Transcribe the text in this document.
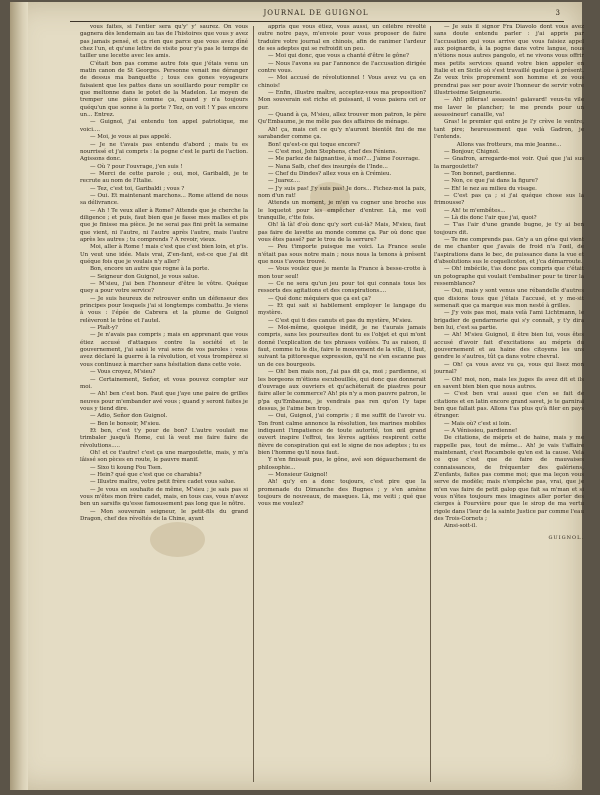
JOURNAL DE GUIGNOL	3

vous faites, si l'entier sera qu'y' y' saurez. On vous gagnera dès lendemain au tas de l'histoires que vous y avez pas jamais pensé, et ça rien que parce que vous avez dîné chez l'un, et qu'une lettre de visite pour y'a pas le temps de tailler une lecette avec les amis.

C'était bon pas comme autre fois que j'étais venu un matin canon de St Georges. Personne venait me déranger de dessus ma banquette ; tous ces gones voyageurs faisaient que les pattes dans un souillardo pour remplir ce que meltonne dans le potet de la Madelon. Le moyen de tremper une pièce comme ça, quand y n'a toujours quéqu'un que sonne à la porte ? Tez, on voit ! Y pas encore un... Entrez.

— Guignol, j'ai entendu ton appel patriotique, me voici....

— Moi, je vous ai pas appelé.

— Je ne t'avais pas entendu d'abord ; mais tu es nourrissé et j'ai compris : la pogne c'est le parti de l'action. Agissons donc.

— Où ? pour l'ouvrage, j'en suis !

— Merci de cette parole ; oui, moi, Garibaldi, je te recrute au nom de l'Italie.

— Tez, c'est toi, Garibaldi ; vous ?

— Oui. Et maintenant marchons... Rome attend de nous sa délivrance.

— Ah ! Te veux aller à Rome? Attends que je cherche la diligence ; et puis, faut bien que je fasse mes malles et pis que je finisse ma pièce. Je ne serai pas fini prêt la semaine que vient, ni l'autre, ni l'autre après l'autre, mais l'autre après les autres ; tu comprends ? A revoir, vieux.

Moi, aller à Rome ! mais c'est que c'est bien loin, et p'is. Un veut une idée. Mais vrai, Z'en-fant, est-ce que j'ai dit quéque fois que je voulais n'y aller?

Bon, encore un autre que rogne à la porte.

— Seigneur don Guignol, je vous salue.

— M'sieu, j'ai ben l'honneur d'être le vôtre. Quéque quey a pour votre service?

— Je suis heureux de retrouver enfin un défenseur des principes pour lesquels j'ai si longtemps combattu. Je viens à vous : l'épée de Cabrera et la plume de Guignol relèveront le trône et l'autel.

— Plaît-y?

— Je n'avais pas compris ; mais en apprenant que vous étiez accusé d'attaques contre la société et le gouvernement, j'ai saisi le vrai sens de vos paroles : vous avez déclaré la guerre à la révolution, et vous trompèrez si vous continuez à marcher sans hésitation dans cette voie.

— Vous croyez, M'sieu?

— Certainement, Señor, et vous pouvez compter sur moi.

— Ah! ben c'est bon. Faut que j'aye une paire de grilles neuves pour m'embander avé vous ; quand y seront faites je vous y tiend dire.

— Adio, Señor don Guignol.

— Ben le bonsoir, M'sieu.

Et ben, c'est t'y pour de bon? L'autre voulait me trimbaler jusqu'à Rome, cui là veut me faire faire de révolutions.....

Oh! et ce t'autre! c'est ça une margoulette, mais, y m'a lâissé son pèces en route, le pauvre manif.

— Sixo ti koung Fou Tsen.

— Hein? qué que c'est que ce charabia?

— Illustre maître, votre petit frère cadet vous salue.

— Je vous en souhaite de même, M'sieu ; je sais pas si vous m'êtes mon frère cadet, mais, en tous cas, vous n'avez ben un sarsifis qu'esse famousement pas long que le nôtre.

— Mon souverain seigneur, le petit-fils du grand Dragon, chef des révoltés de la Chine, ayant

appris que vous étiez, vous aussi, un célèbre révolté outre notre pays, m'envoie pour vous proposer de faire traduire votre journal en chinois, afin de ranimer l'ardeur de ses adeptes qui se refroidit un peu.

— Moi qui donc, que vous a chanté d'être le gône?

— Nous l'avons su par l'annonce de l'accusation dirigée contre vous.

— Moi accusé de révolutionnel ! Vous avez vu ça en chinois!

— Enfin, illustre maître, acceptez-vous ma proposition? Mon souverain est riche et puissant, il vous paiera cet or pur.

— Quand à ça, M'sieu, allez trouver mon patron, le père Qu'Embaume, je me mêle pas des affaires de ménage.

Ah! ça, mais cet ce qu'y n'auront bientôt fini de me sarabander comme ça.

Bon! qu'est-ce qui toque encore?

— C'est moi, John Stephens, chef des Féniens.

— Me parlez de faignantise, à moi?... J'aime l'ouvrage.

— Nana Saïb, chef des insurgés de l'Inde...

— Chef du Dindes? allez vous en à Crémieu.

— Juarez....

— J'y suis pas! J'y suis pas! Je dors... Fichez-moi la paix, nom d'un rat!

Attends un moment, je m'en va cogner une broche sus le loquetot pour les empêcher d'entrer. Là, me voil tranquille, c'tte fois.

Oh! là là! d'où donc qu'y sort cui-là? Mais, M'sieu, faut pas faire de lavette au monde comme ça. Par où donc que vous êtes passé? par le trou de la serrure?

— Peu t'importe puisque me voici. La France seule n'était pas sous notre main ; nous nous la tenons à présent que nous t'avons trouvé.

— Vous voulez que je mente la France à besse-crotte à mon tour seul!

— Ce ne sera qu'un jeu pour toi qui connais tous les ressorts des agitations et des conspirations....

— Qué donc méquiers que ça est ça?

— Et qui sait si habilement employer le langage du mystère.

— C'est qui ti des canuts et pas du mystère, M'sieu.

— Moi-même, quoique inédit, je ne t'aurais jamais compris, sans les poursuites dont tu es l'objet et qui m'ont donné l'explication de tes phrases voilées. Tu as raison, il faut, comme tu le dis, faire le mouvement de la ville, il faut, suivant ta pittoresque expression, qu'il ne s'en escanne pas un de ces bourgeois.

— Oh! ben mais non, j'ai pas dit ça, moi ; pardienne, si les borgeons m'étions escubouillés, qui donc que donnerait d'ouvrage aux ouvriers et qu'achèterait de piastres pour faire aller le commerce? Ah! pis n'y a mon pauvre patron, le p'pa qu'Embaume, je vendrais pas ren qu'on l'y tape dessus, je l'aime ben trop.

— Oui, Guignol, j'ai compris ; il me suffit de l'avoir vu. Ton front calme annonce la résolution, tes marines mobiles indiquent l'impatience de toute autorité, ton œil grand ouvert inspire l'effroi, tes lèvres agitées respirent cette fièvre de conspiration qui est le signe de nos adeptes ; tu es bien l'homme qu'il nous faut.

Y n'en finissait pus, le gône, avé son dégauchement de philosophie...

— Monsieur Guignol!

Ah! qu'y en a donc toujours, c'est pire que la promenade du Dimanche des Bugnes ; y s'en amène toujours de nouveaux, de masques. Là, me veiti ; qué que vous me voulez?

— Je suis il signor Fra Diavolo dont vous avez sans doute entendu parler : j'ai appris par l'accusation qui vous arrive que vous faisiez appel aux poignards, à la pogne dans votre langue, nous n'étions nous autres pangolo, et ne vivons vous offrir mes petits services quand votre bien appeler en Italie et en Sicile où s'est travaillé quelque à présent. Ze veux très proprement son homme et ze vous prendrai pas ser pour avoir l'honneur de servir votre illustrissime Seigneurie.

— Ah! pilleras! assassin! galavard! veux-tu vile me laver le plancher; te me prends pour un assassineur! canaille, va!

Gras! le premier qui entre je l'y crève le ventre, tant pire; heureusement que velà Gadron, je l'entends.

Allons vas frotteurs, ma mie Jeanne...

— Bonjour, Chignol.

— Gnafron, arregarde-moi voir. Qué que j'ai sus la margoulette?

— Ton bonnet, pardienne.

— Non, ce que j'ai dans la figure?

— Eh! le nez au milieu du visage.

— C'est pas ça ; si j'ai quéque chose sus la frimousse?

— Ah! te m'embêtes...

— Là dis donc l'air que j'ai, quoi?

— T'as l'air d'une grande bugne, je t'y ai ben toujours dit.

— Te me comprends pas. Gn'y a un gône qui vient de me chanter que j'avais de froid n'a l'œil, de l'aspirations dans le bec, de puissance dans la vue et d'absolutions sus le coquelicoton, et j'ca démarroute.

— Oh! imbécile, t'as donc pas compris que c'était un potographe qui voulait t'embaliner pour te tirer la ressemblance?

— Oui, mais y sont venus une rébandelle d'autres que disions tous que j'étais l'accusé, et y me-sit semenait que ça marque sus mon nesté à grilles.

— J'y vois pas moi, mais velà l'ami Lichtmann, le brigadier de gendarmerie qui s'y connaît, y t'y dira ben lui, c'est sa partie.

— Ah! M'sieu Guignol, il être bien lui, vous êtes accusé d'avoir fait d'excitations au mépris du gouvernement et au haine des citoyens les uns gendre le s'autres, tût ça dans votre chevral.

— Oh! ça vous avez vu ça, vous qui lisez mon journal?

— Oh! moi, non, mais les juges ils avez dit et ils en savent bien bien que nous autres.

— C'est ben vrai aussi que c'en se fait de citations et en latin encore grand savet, je te garnirai ben que fallait pas. Allons t'as plus qu'à filer en pays étranger.

— Mais où? c'est si loin.

— A Vénissieu, pardienne!

De citations, de mépris et de haine, mais y me rappelle pas, tout de même... Ah! je vais t'affaire maintenant, c'est Rocambole qu'en est la cause. Vela ce que c'est que de faire de mauvaises connaissances, de fréquenter des galériens, Z'enfants, faites pas comme moi; que ma leçon vous serve de modèle; mais n'empêche pas, vrai, que je m'en vas faire de petit galop que fait sa m'man et si vous n'êtes toujours mes imagines aller porter des cierges à Fourvière pour que le sirop de ma vertu rigole dans l'leur de la sainte Justice par comme l'eau des Trois-Cornets ;

Ainsi-soit-il.

GUIGNOL.
